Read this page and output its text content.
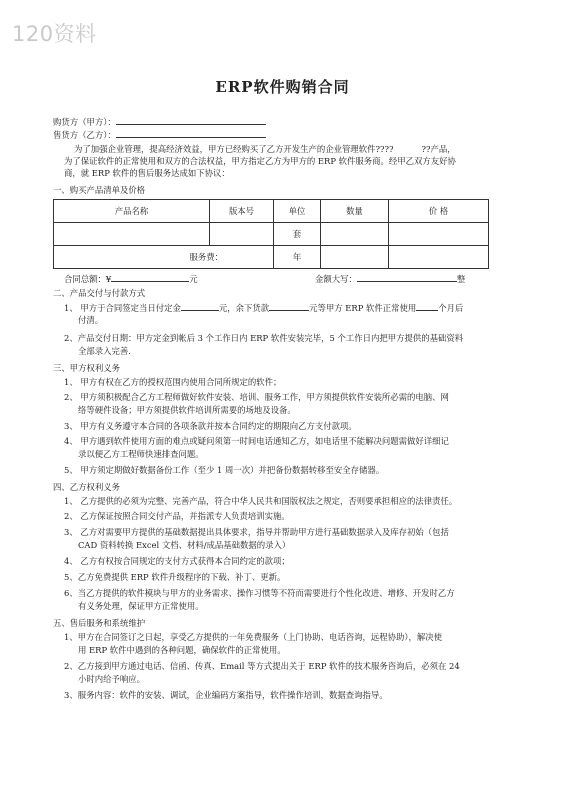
120资料
ERP软件购销合同
购货方（甲方）：
售货方（乙方）：
为了加强企业管理，提高经济效益，甲方已经购买了乙方开发生产的企业管理软件????	??产品，
为了保证软件的正常使用和双方的合法权益，甲方指定乙方为甲方的 ERP 软件服务商。经甲乙双方友好协
商，就 ERP 软件的售后服务达成如下协议：
一、购买产品清单及价格
产品名称	版本号	单位	数量	价 格
		套		
服务费：		年		
合同总额：¥	元	金额大写：	整
二、产品交付与付款方式
1、 甲方于合同签定当日付定金	元，余下货款	元等甲方 ERP 软件正常使用	个月后
付清。
2、产品交付日期：甲方定金到帐后 3 个工作日内 ERP 软件安装完毕，5 个工作日内把甲方提供的基础资料
全部录入完善.
三、甲方权利义务
1、 甲方有权在乙方的授权范围内使用合同所规定的软件；
2、 甲方须积极配合乙方工程师做好软件安装、培训、服务工作，甲方须提供软件安装所必需的电脑、网
络等硬件设备；甲方须提供软件培训所需要的场地及设备。
3、 甲方有义务遵守本合同的各项条款并按本合同约定的期限向乙方支付款项。
4、 甲方遇到软件使用方面的难点或疑问须第一时间电话通知乙方，如电话里不能解决问题需做好详细记
录以便乙方工程师快速排查问题。
5、 甲方须定期做好数据备份工作（至少 1 周一次）并把备份数据转移至安全存储器。
四、乙方权利义务
1、 乙方提供的必须为完整、完善产品，符合中华人民共和国版权法之规定，否则要承担相应的法律责任。
2、 乙方保证按照合同交付产品，并指派专人负责培训实施。
3、 乙方对需要甲方提供的基础数据提出具体要求，指导并帮助甲方进行基础数据录入及库存初始（包括
CAD 资料转换 Excel 文档、材料/成品基础数据的录入）
4、 乙方有权按合同规定的支付方式获得本合同约定的款项；
5、乙方免费提供 ERP 软件升级程序的下载、补丁、更新。
6、当乙方提供的软件模块与甲方的业务需求、操作习惯等不符而需要进行个性化改进、增修、开发时乙方
有义务处理，保证甲方正常使用。
五、售后服务和系统维护
1、甲方在合同签订之日起，享受乙方提供的一年免费服务（上门协助、电话咨询，远程协助），解决使
用 ERP 软件中遇到的各种问题，确保软件的正常使用。
2、乙方接到甲方通过电话、信函、传真、Email 等方式提出关于 ERP 软件的技术服务咨询后，必须在 24
小时内给予响应。
3、服务内容：软件的安装、调试，企业编码方案指导，软件操作培训，数据查询指导。
